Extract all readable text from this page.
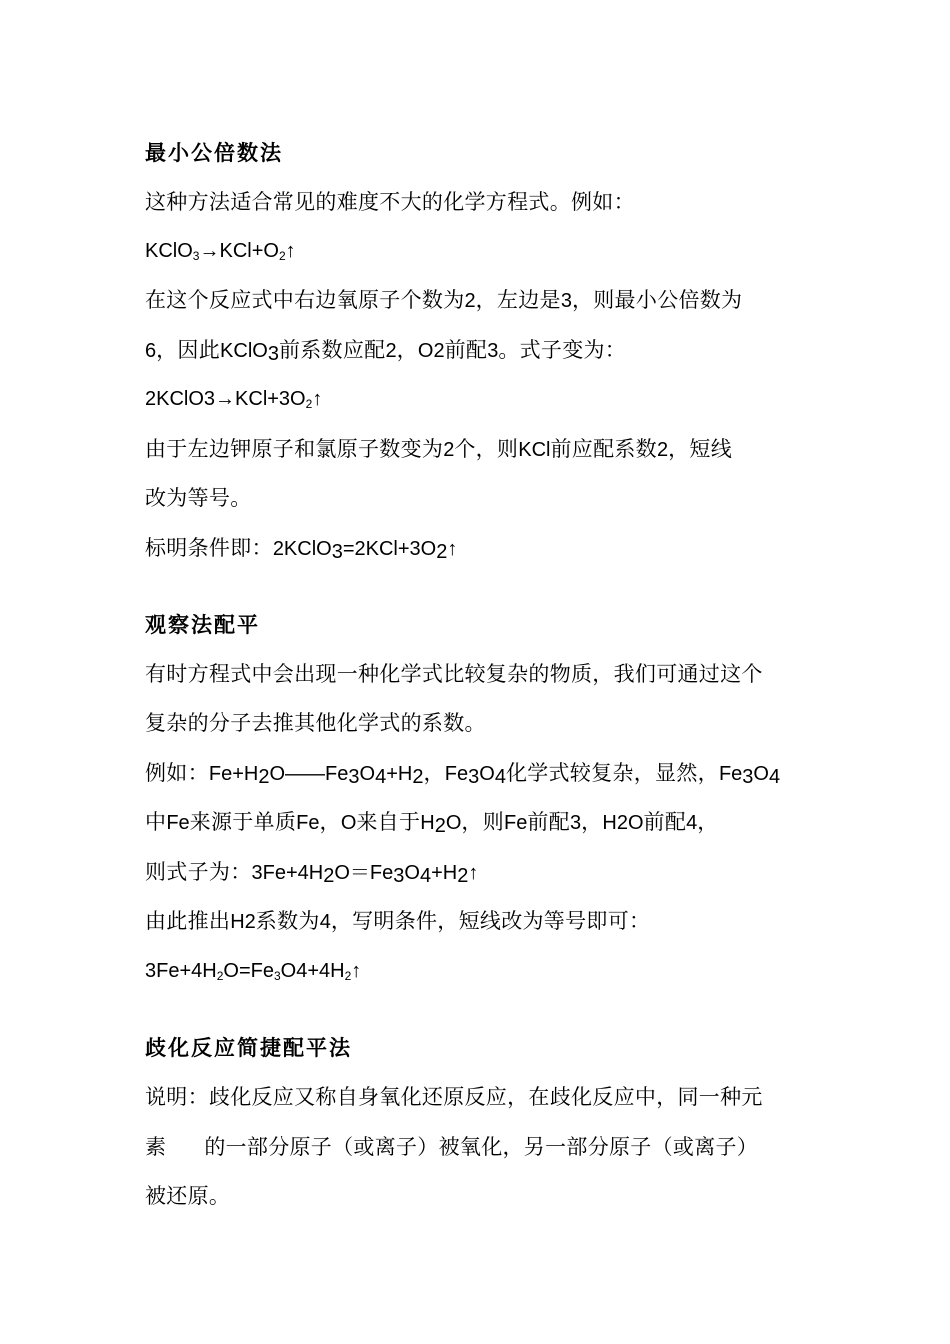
最小公倍数法
这种方法适合常见的难度不大的化学方程式。例如：
$KClO_3\to KCl+O_2↑$
在这个反应式中右边氧原子个数为2，左边是3，则最小公倍数为
6，因此KClO$_3$前系数应配2，O2前配3。式子变为：
$2KClO3\to KCl+3O_2↑$
由于左边钾原子和氯原子数变为2个，则KCl前应配系数2，短线
改为等号。
标明条件即：$2KClO_3=2KCl+3O_2↑$
观察法配平
有时方程式中会出现一种化学式比较复杂的物质，我们可通过这个
复杂的分子去推其他化学式的系数。
例如：$Fe+H_2O——Fe_3O_4+H_2$，$Fe_3O_4$化学式较复杂，显然，$Fe_3O_4$
中Fe来源于单质Fe，O来自于$H_2O$，则Fe前配3，H2O前配4，
则式子为：$3Fe+4H_2O=Fe_3O_4+H_2↑$
由此推出H2系数为4，写明条件，短线改为等号即可：
$3Fe+4H_2O=Fe_3O4+4H_2↑$
歧化反应简捷配平法
说明：歧化反应又称自身氧化还原反应，在歧化反应中，同一种元
素 的一部分原子（或离子）被氧化，另一部分原子（或离子）
被还原。
